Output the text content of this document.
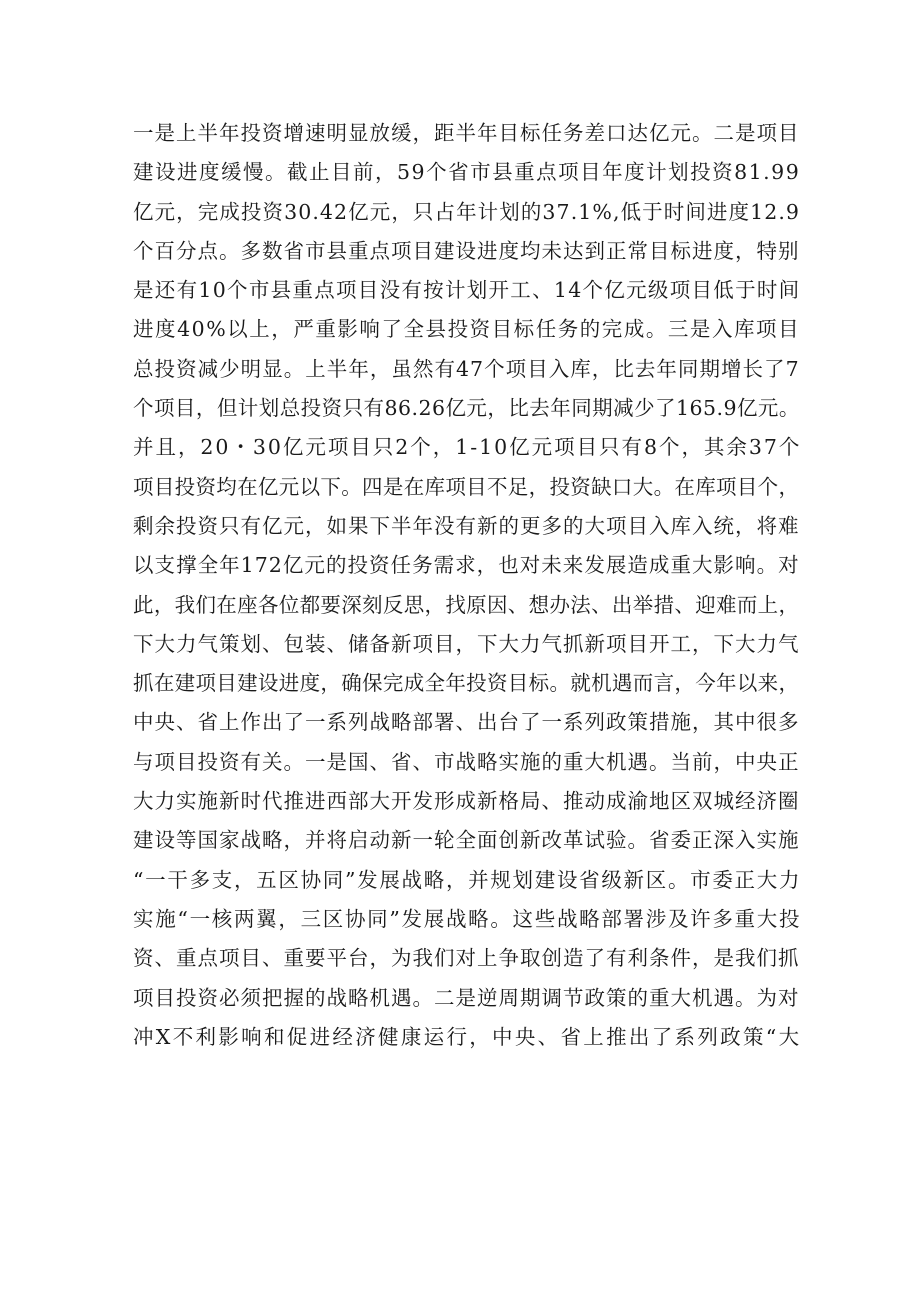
一是上半年投资增速明显放缓，距半年目标任务差口达亿元。二是项目
建设进度缓慢。截止目前，59个省市县重点项目年度计划投资81.99
亿元，完成投资30.42亿元，只占年计划的37.1%,低于时间进度12.9
个百分点。多数省市县重点项目建设进度均未达到正常目标进度，特别
是还有10个市县重点项目没有按计划开工、14个亿元级项目低于时间
进度40%以上，严重影响了全县投资目标任务的完成。三是入库项目
总投资减少明显。上半年，虽然有47个项目入库，比去年同期增长了7
个项目，但计划总投资只有86.26亿元，比去年同期减少了165.9亿元。
并且，20・30亿元项目只2个，1-10亿元项目只有8个，其余37个
项目投资均在亿元以下。四是在库项目不足，投资缺口大。在库项目个，
剩余投资只有亿元，如果下半年没有新的更多的大项目入库入统，将难
以支撑全年172亿元的投资任务需求，也对未来发展造成重大影响。对
此，我们在座各位都要深刻反思，找原因、想办法、出举措、迎难而上，
下大力气策划、包装、储备新项目，下大力气抓新项目开工，下大力气
抓在建项目建设进度，确保完成全年投资目标。就机遇而言，今年以来，
中央、省上作出了一系列战略部署、出台了一系列政策措施，其中很多
与项目投资有关。一是国、省、市战略实施的重大机遇。当前，中央正
大力实施新时代推进西部大开发形成新格局、推动成渝地区双城经济圈
建设等国家战略，并将启动新一轮全面创新改革试验。省委正深入实施
“一干多支，五区协同”发展战略，并规划建设省级新区。市委正大力
实施“一核两翼，三区协同”发展战略。这些战略部署涉及许多重大投
资、重点项目、重要平台，为我们对上争取创造了有利条件，是我们抓
项目投资必须把握的战略机遇。二是逆周期调节政策的重大机遇。为对
冲X不利影响和促进经济健康运行，中央、省上推出了系列政策“大
